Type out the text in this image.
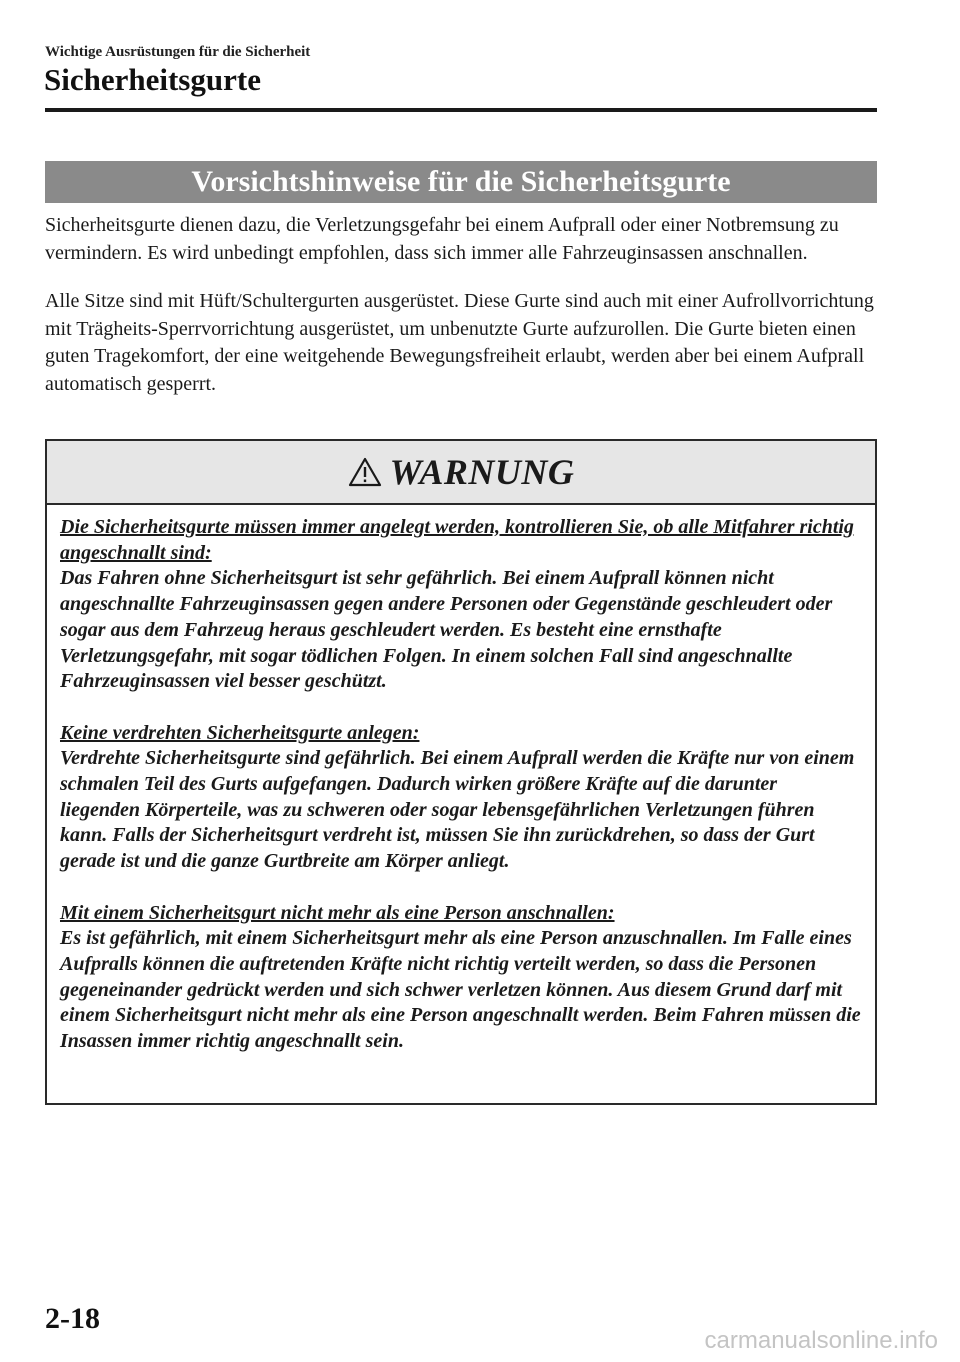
Wichtige Ausrüstungen für die Sicherheit
Sicherheitsgurte
Vorsichtshinweise für die Sicherheitsgurte

Sicherheitsgurte dienen dazu, die Verletzungsgefahr bei einem Aufprall oder einer Notbremsung zu vermindern. Es wird unbedingt empfohlen, dass sich immer alle Fahrzeuginsassen anschnallen.

Alle Sitze sind mit Hüft/Schultergurten ausgerüstet. Diese Gurte sind auch mit einer Aufrollvorrichtung mit Trägheits-Sperrvorrichtung ausgerüstet, um unbenutzte Gurte aufzurollen. Die Gurte bieten einen guten Tragekomfort, der eine weitgehende Bewegungsfreiheit erlaubt, werden aber bei einem Aufprall automatisch gesperrt.

WARNUNG
Die Sicherheitsgurte müssen immer angelegt werden, kontrollieren Sie, ob alle Mitfahrer richtig angeschnallt sind:
Das Fahren ohne Sicherheitsgurt ist sehr gefährlich. Bei einem Aufprall können nicht angeschnallte Fahrzeuginsassen gegen andere Personen oder Gegenstände geschleudert oder sogar aus dem Fahrzeug heraus geschleudert werden. Es besteht eine ernsthafte Verletzungsgefahr, mit sogar tödlichen Folgen. In einem solchen Fall sind angeschnallte Fahrzeuginsassen viel besser geschützt.
Keine verdrehten Sicherheitsgurte anlegen:
Verdrehte Sicherheitsgurte sind gefährlich. Bei einem Aufprall werden die Kräfte nur von einem schmalen Teil des Gurts aufgefangen. Dadurch wirken größere Kräfte auf die darunter liegenden Körperteile, was zu schweren oder sogar lebensgefährlichen Verletzungen führen kann. Falls der Sicherheitsgurt verdreht ist, müssen Sie ihn zurückdrehen, so dass der Gurt gerade ist und die ganze Gurtbreite am Körper anliegt.
Mit einem Sicherheitsgurt nicht mehr als eine Person anschnallen:
Es ist gefährlich, mit einem Sicherheitsgurt mehr als eine Person anzuschnallen. Im Falle eines Aufpralls können die auftretenden Kräfte nicht richtig verteilt werden, so dass die Personen gegeneinander gedrückt werden und sich schwer verletzen können. Aus diesem Grund darf mit einem Sicherheitsgurt nicht mehr als eine Person angeschnallt werden. Beim Fahren müssen die Insassen immer richtig angeschnallt sein.
2-18
carmanualsonline.info
